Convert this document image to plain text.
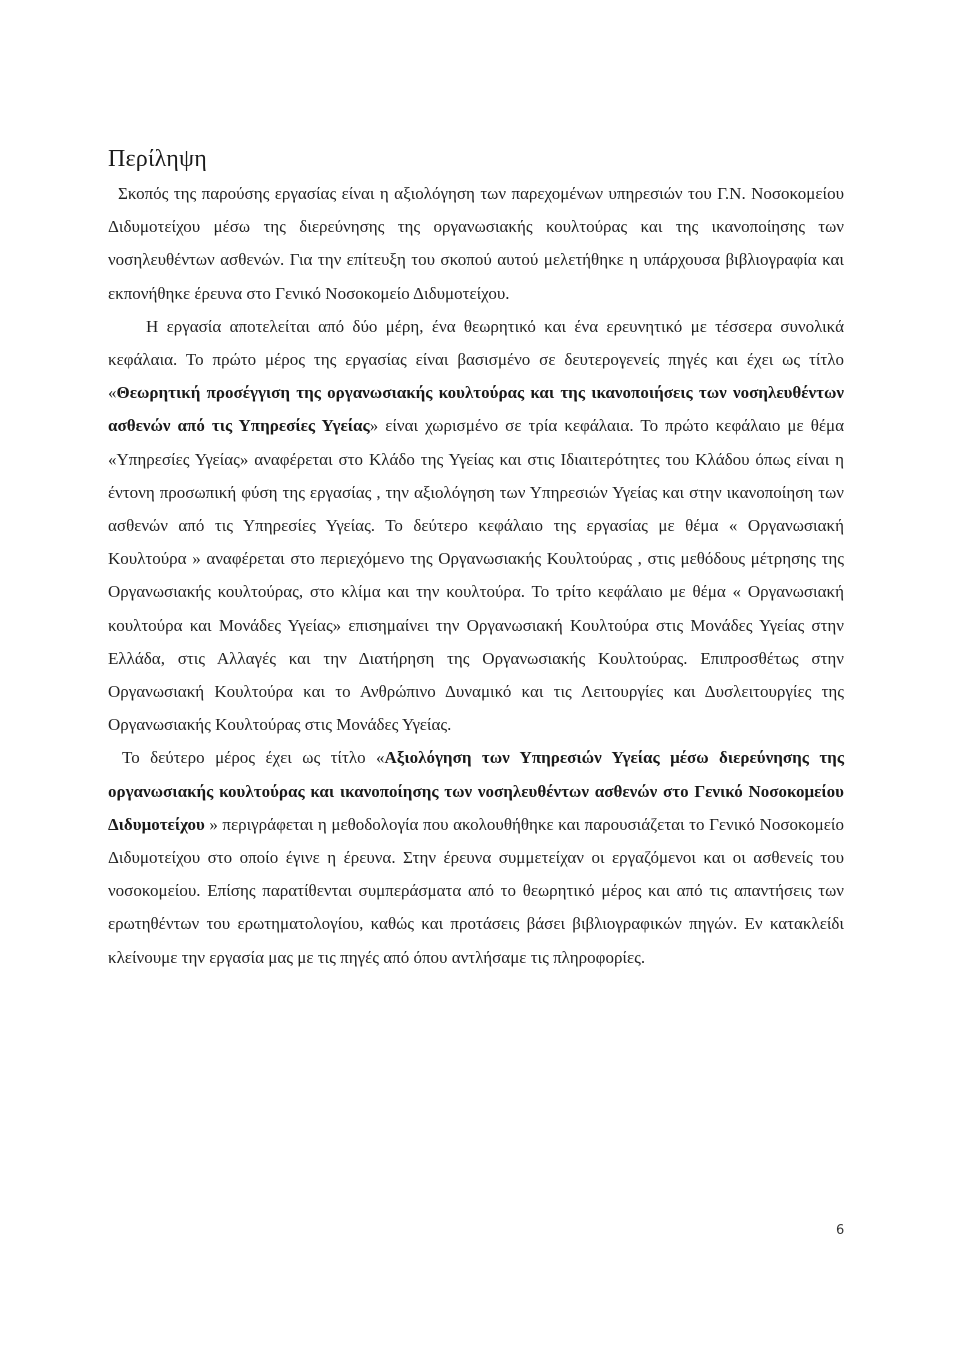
Περίληψη

Σκοπός της παρούσης εργασίας είναι η αξιολόγηση των παρεχομένων υπηρεσιών του Γ.Ν. Νοσοκομείου Διδυμοτείχου μέσω της διερεύνησης της οργανωσιακής κουλτούρας και της ικανοποίησης των νοσηλευθέντων ασθενών. Για την επίτευξη του σκοπού αυτού μελετήθηκε η υπάρχουσα βιβλιογραφία και εκπονήθηκε έρευνα στο Γενικό Νοσοκομείο Διδυμοτείχου.

Η εργασία αποτελείται από δύο μέρη, ένα θεωρητικό και ένα ερευνητικό με τέσσερα συνολικά κεφάλαια. Το πρώτο μέρος της εργασίας είναι βασισμένο σε δευτερογενείς πηγές και έχει ως τίτλο «Θεωρητική προσέγγιση της οργανωσιακής κουλτούρας και της ικανοποιήσεις των νοσηλευθέντων ασθενών από τις Υπηρεσίες Υγείας» είναι χωρισμένο σε τρία κεφάλαια. Το πρώτο κεφάλαιο με θέμα «Υπηρεσίες Υγείας» αναφέρεται στο Κλάδο της Υγείας και στις Ιδιαιτερότητες του Κλάδου όπως είναι η έντονη προσωπική φύση της εργασίας , την αξιολόγηση των Υπηρεσιών Υγείας και στην ικανοποίηση των ασθενών από τις Υπηρεσίες Υγείας. Το δεύτερο κεφάλαιο της εργασίας με θέμα « Οργανωσιακή Κουλτούρα » αναφέρεται στο περιεχόμενο της Οργανωσιακής Κουλτούρας , στις μεθόδους μέτρησης της Οργανωσιακής κουλτούρας, στο κλίμα και την κουλτούρα. Το τρίτο κεφάλαιο με θέμα « Οργανωσιακή κουλτούρα και Μονάδες Υγείας» επισημαίνει την Οργανωσιακή Κουλτούρα στις Μονάδες Υγείας στην Ελλάδα, στις Αλλαγές και την Διατήρηση της Οργανωσιακής Κουλτούρας. Επιπροσθέτως στην Οργανωσιακή Κουλτούρα και το Ανθρώπινο Δυναμικό και τις Λειτουργίες και Δυσλειτουργίες της Οργανωσιακής Κουλτούρας στις Μονάδες Υγείας.

Το δεύτερο μέρος έχει ως τίτλο «Αξιολόγηση των Υπηρεσιών Υγείας μέσω διερεύνησης της οργανωσιακής κουλτούρας και ικανοποίησης των νοσηλευθέντων ασθενών στο Γενικό Νοσοκομείου Διδυμοτείχου » περιγράφεται η μεθοδολογία που ακολουθήθηκε και παρουσιάζεται το Γενικό Νοσοκομείο Διδυμοτείχου στο οποίο έγινε η έρευνα. Στην έρευνα συμμετείχαν οι εργαζόμενοι και οι ασθενείς του νοσοκομείου. Επίσης παρατίθενται συμπεράσματα από το θεωρητικό μέρος και από τις απαντήσεις των ερωτηθέντων του ερωτηματολογίου, καθώς και προτάσεις βάσει βιβλιογραφικών πηγών. Εν κατακλείδι κλείνουμε την εργασία μας με τις πηγές από όπου αντλήσαμε τις πληροφορίες.

6
